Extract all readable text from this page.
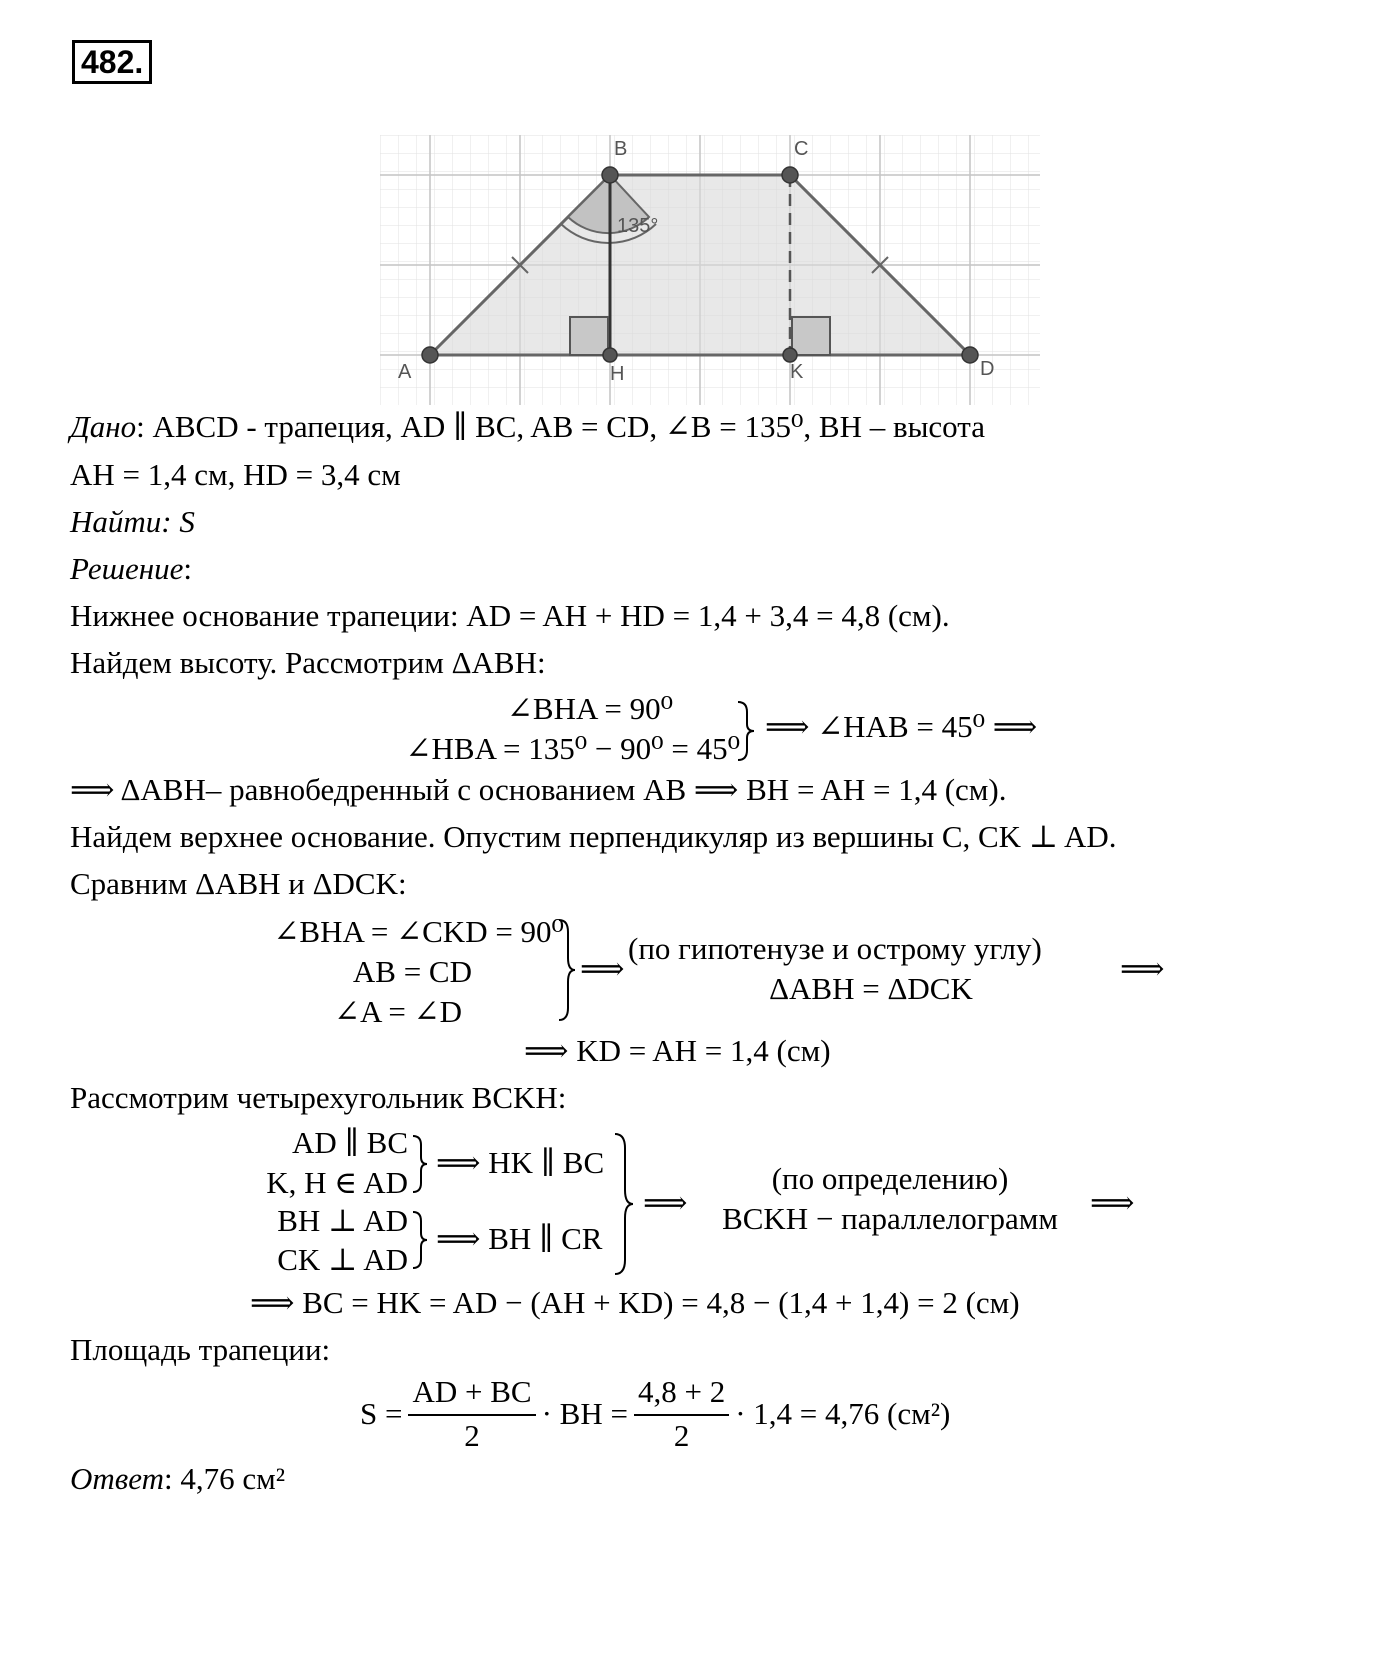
482.
B	C
A	H	K	D
135°
Дано: ABCD - трапеция, AD ∥ BC, AB = CD, ∠B = 135⁰, BH – высота
AH = 1,4 см, HD = 3,4 см
Найти: S
Решение:
Нижнее основание трапеции: AD = AH + HD = 1,4 + 3,4 = 4,8 (см).
Найдем высоту. Рассмотрим ΔABH:
∠BHA = 90⁰
∠HBA = 135⁰ − 90⁰ = 45⁰
⟹ ∠HAB = 45⁰ ⟹
⟹ ΔABH– равнобедренный с основанием AB ⟹ BH = AH = 1,4 (см).
Найдем верхнее основание. Опустим перпендикуляр из вершины C, CK ⊥ AD.
Сравним ΔABH и ΔDCK:
∠BHA = ∠CKD = 90⁰
AB = CD
∠A = ∠D
⟹
(по гипотенузе и острому углу)
ΔABH = ΔDCK
⟹
⟹ KD = AH = 1,4 (см)
Рассмотрим четырехугольник BCKH:
AD ∥ BC
K, H ∈ AD
⟹ HK ∥ BC
BH ⊥ AD
CK ⊥ AD
⟹ BH ∥ CR
⟹
(по определению)
BCKH − параллелограмм	⟹
⟹ BC = HK = AD − (AH + KD) = 4,8 − (1,4 + 1,4) = 2 (см)
Площадь трапеции:
$S = \frac{AD + BC}{2}$ · BH = $\frac{4,8 + 2}{2} \cdot 1,4 = 4,76$ (см²)
Ответ: 4,76 см²
